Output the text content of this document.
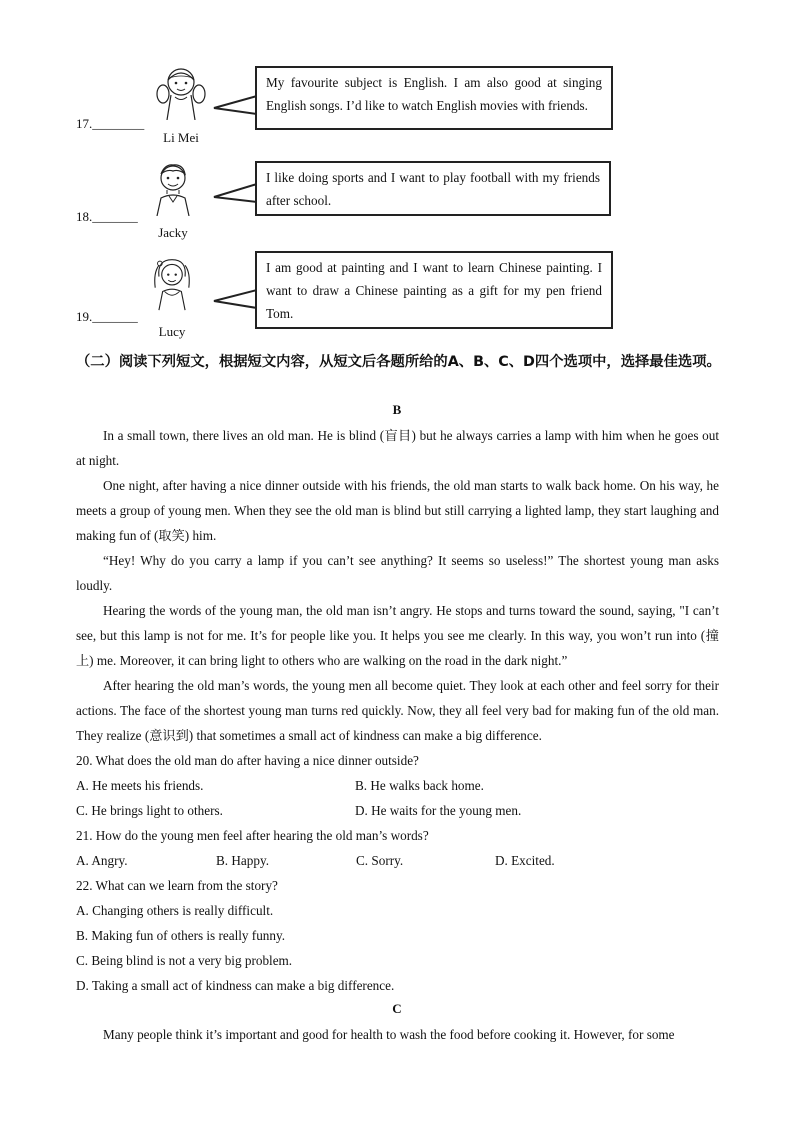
17.________
Li Mei
My favourite subject is English. I am also good at singing English songs. I’d like to watch English movies with friends.
18._______
Jacky
I like doing sports and I want to play football with my friends after school.
19._______
Lucy
I am good at painting and I want to learn Chinese painting. I want to draw a Chinese painting as a gift for my pen friend Tom.
（二）阅读下列短文，根据短文内容，从短文后各题所给的A、B、C、D四个选项中，选择最佳选项。
B

In a small town, there lives an old man. He is blind (盲目) but he always carries a lamp with him when he goes out at night.

One night, after having a nice dinner outside with his friends, the old man starts to walk back home. On his way, he meets a group of young men. When they see the old man is blind but still carrying a lighted lamp, they start laughing and making fun of (取笑) him.

“Hey! Why do you carry a lamp if you can’t see anything? It seems so useless!” The shortest young man asks loudly.

Hearing the words of the young man, the old man isn’t angry. He stops and turns toward the sound, saying, "I can’t see, but this lamp is not for me. It’s for people like you. It helps you see me clearly. In this way, you won’t run into (撞上) me. Moreover, it can bring light to others who are walking on the road in the dark night.”

After hearing the old man’s words, the young men all become quiet. They look at each other and feel sorry for their actions. The face of the shortest young man turns red quickly. Now, they all feel very bad for making fun of the old man. They realize (意识到) that sometimes a small act of kindness can make a big difference.

20. What does the old man do after having a nice dinner outside?

A. He meets his friends.	B. He walks back home.
C. He brings light to others.	D. He waits for the young men.

21. How do the young men feel after hearing the old man’s words?

A. Angry.	B. Happy.	C. Sorry.	D. Excited.

22. What can we learn from the story?

A. Changing others is really difficult.

B. Making fun of others is really funny.

C. Being blind is not a very big problem.

D. Taking a small act of kindness can make a big difference.

C

Many people think it’s important and good for health to wash the food before cooking it. However, for some
